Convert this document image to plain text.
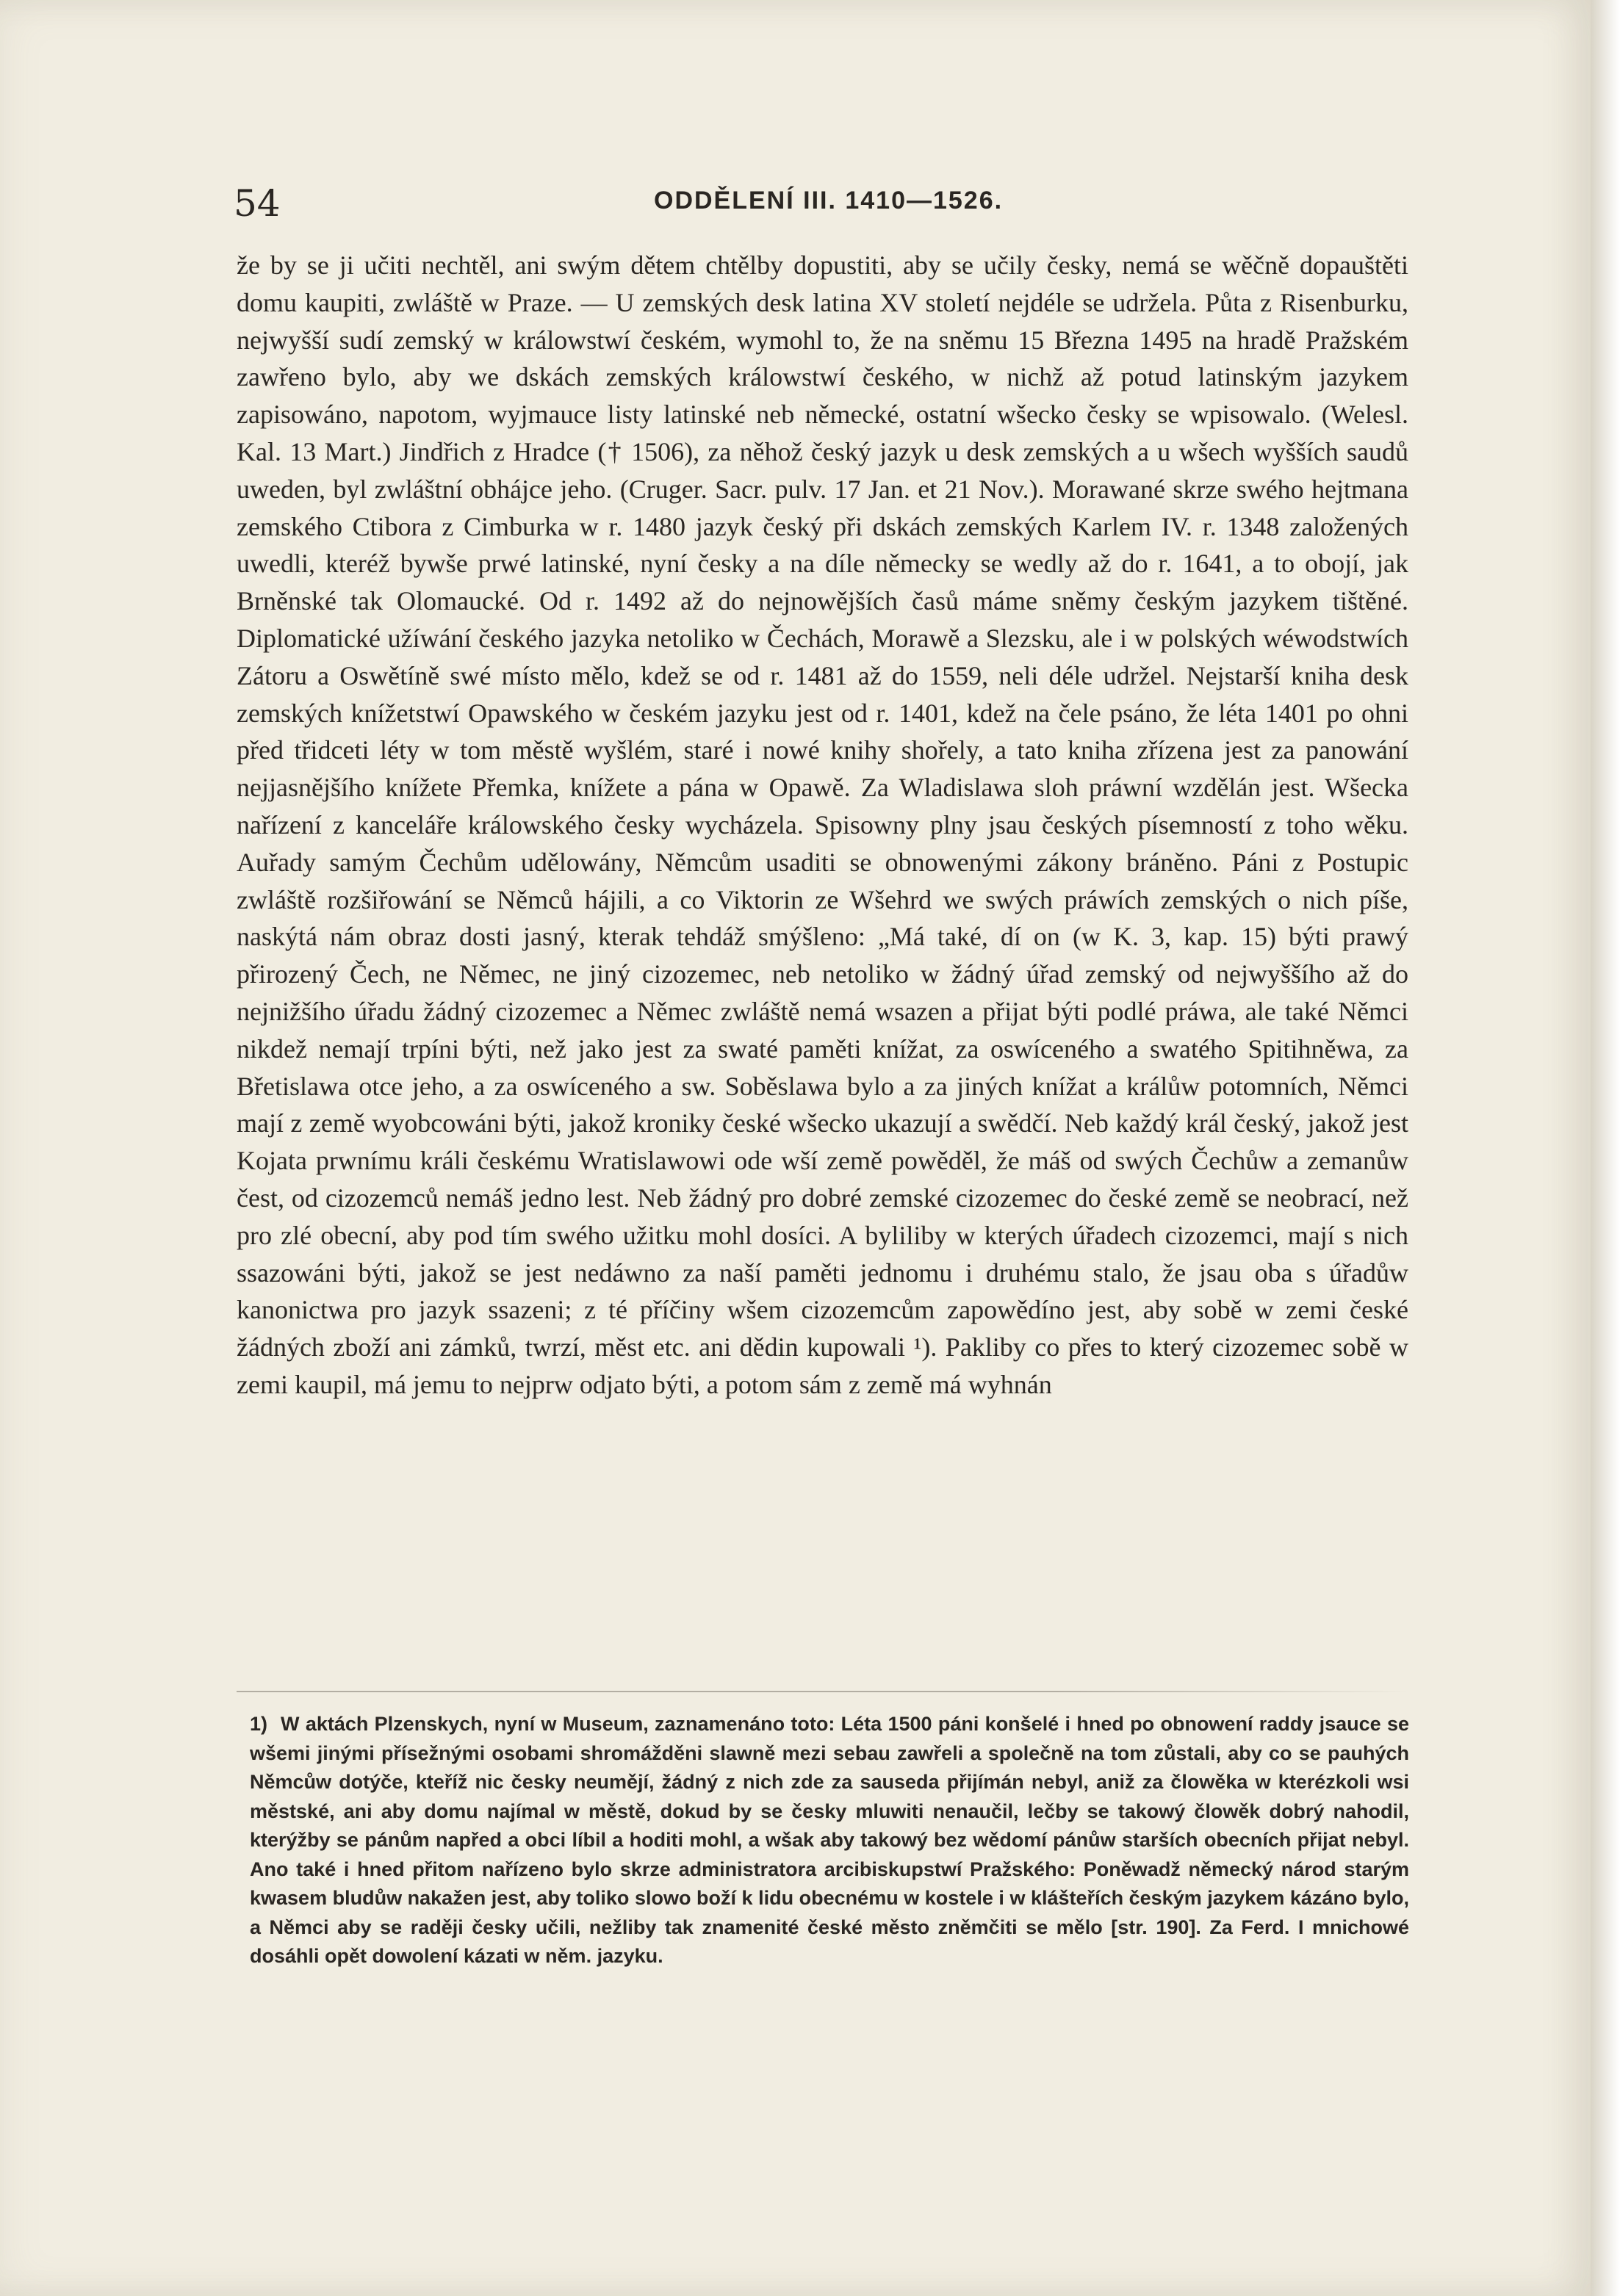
54	ODDĚLENÍ III. 1410—1526.

že by se ji učiti nechtěl, ani swým dětem chtělby dopustiti, aby se učily česky, nemá se wěčně dopauštěti domu kaupiti, zwláště w Praze. — U zemských desk latina XV století nejdéle se udržela. Půta z Risenburku, nejwyšší sudí zemský w králowstwí českém, wymohl to, že na sněmu 15 Března 1495 na hradě Pražském zawřeno bylo, aby we dskách zemských králowstwí českého, w nichž až potud latinským jazykem zapisowáno, napotom, wyjmauce listy latinské neb německé, ostatní wšecko česky se wpisowalo. (Welesl. Kal. 13 Mart.) Jindřich z Hradce († 1506), za něhož český jazyk u desk zemských a u wšech wyšších saudů uweden, byl zwláštní obhájce jeho. (Cruger. Sacr. pulv. 17 Jan. et 21 Nov.). Morawané skrze swého hejtmana zemského Ctibora z Cimburka w r. 1480 jazyk český při dskách zemských Karlem IV. r. 1348 založených uwedli, kteréž bywše prwé latinské, nyní česky a na díle německy se wedly až do r. 1641, a to obojí, jak Brněnské tak Olomaucké. Od r. 1492 až do nejnowějších časů máme sněmy českým jazykem tištěné. Diplomatické užíwání českého jazyka netoliko w Čechách, Morawě a Slezsku, ale i w polských wéwodstwích Zátoru a Oswětíně swé místo mělo, kdež se od r. 1481 až do 1559, neli déle udržel. Nejstarší kniha desk zemských knížetstwí Opawského w českém jazyku jest od r. 1401, kdež na čele psáno, že léta 1401 po ohni před třidceti léty w tom městě wyšlém, staré i nowé knihy shořely, a tato kniha zřízena jest za panowání nejjasnějšího knížete Přemka, knížete a pána w Opawě. Za Wladislawa sloh práwní wzdělán jest. Wšecka nařízení z kanceláře králowského česky wycházela. Spisowny plny jsau českých písemností z toho wěku. Auřady samým Čechům udělowány, Němcům usaditi se obnowenými zákony bráněno. Páni z Postupic zwláště rozšiřowání se Němců hájili, a co Viktorin ze Wšehrd we swých práwích zemských o nich píše, naskýtá nám obraz dosti jasný, kterak tehdáž smýšleno: „Má také, dí on (w K. 3, kap. 15) býti prawý přirozený Čech, ne Němec, ne jiný cizozemec, neb netoliko w žádný úřad zemský od nejwyššího až do nejnižšího úřadu žádný cizozemec a Němec zwláště nemá wsazen a přijat býti podlé práwa, ale také Němci nikdež nemají trpíni býti, než jako jest za swaté paměti knížat, za oswíceného a swatého Spitihněwa, za Břetislawa otce jeho, a za oswíceného a sw. Soběslawa bylo a za jiných knížat a králůw potomních, Němci mají z země wyobcowáni býti, jakož kroniky české wšecko ukazují a swědčí. Neb každý král český, jakož jest Kojata prwnímu králi českému Wratislawowi ode wší země powěděl, že máš od swých Čechůw a zemanůw čest, od cizozemců nemáš jedno lest. Neb žádný pro dobré zemské cizozemec do české země se neobrací, než pro zlé obecní, aby pod tím swého užitku mohl dosíci. A byliliby w kterých úřadech cizozemci, mají s nich ssazowáni býti, jakož se jest nedáwno za naší paměti jednomu i druhému stalo, že jsau oba s úřadůw kanonictwa pro jazyk ssazeni; z té příčiny wšem cizozemcům zapowědíno jest, aby sobě w zemi české žádných zboží ani zámků, twrzí, měst etc. ani dědin kupowali ¹). Pakliby co přes to který cizozemec sobě w zemi kaupil, má jemu to nejprw odjato býti, a potom sám z země má wyhnán

1) W aktách Plzenskych, nyní w Museum, zaznamenáno toto: Léta 1500 páni konšelé i hned po obnowení raddy jsauce se wšemi jinými přísežnými osobami shromážděni slawně mezi sebau zawřeli a společně na tom zůstali, aby co se pauhých Němcůw dotýče, kteříž nic česky neumějí, žádný z nich zde za sauseda přijímán nebyl, aniž za člowěka w kterézkoli wsi městské, ani aby domu najímal w městě, dokud by se česky mluwiti nenaučil, lečby se takowý člowěk dobrý nahodil, kterýžby se pánům napřed a obci líbil a hoditi mohl, a wšak aby takowý bez wědomí pánůw starších obecních přijat nebyl. Ano také i hned přitom nařízeno bylo skrze administratora arcibiskupstwí Pražského: Poněwadž německý národ starým kwasem bludůw nakažen jest, aby toliko slowo boží k lidu obecnému w kostele i w klášteřích českým jazykem kázáno bylo, a Němci aby se raději česky učili, nežliby tak znamenité české město zněmčiti se mělo [str. 190]. Za Ferd. I mnichowé dosáhli opět dowolení kázati w něm. jazyku.
